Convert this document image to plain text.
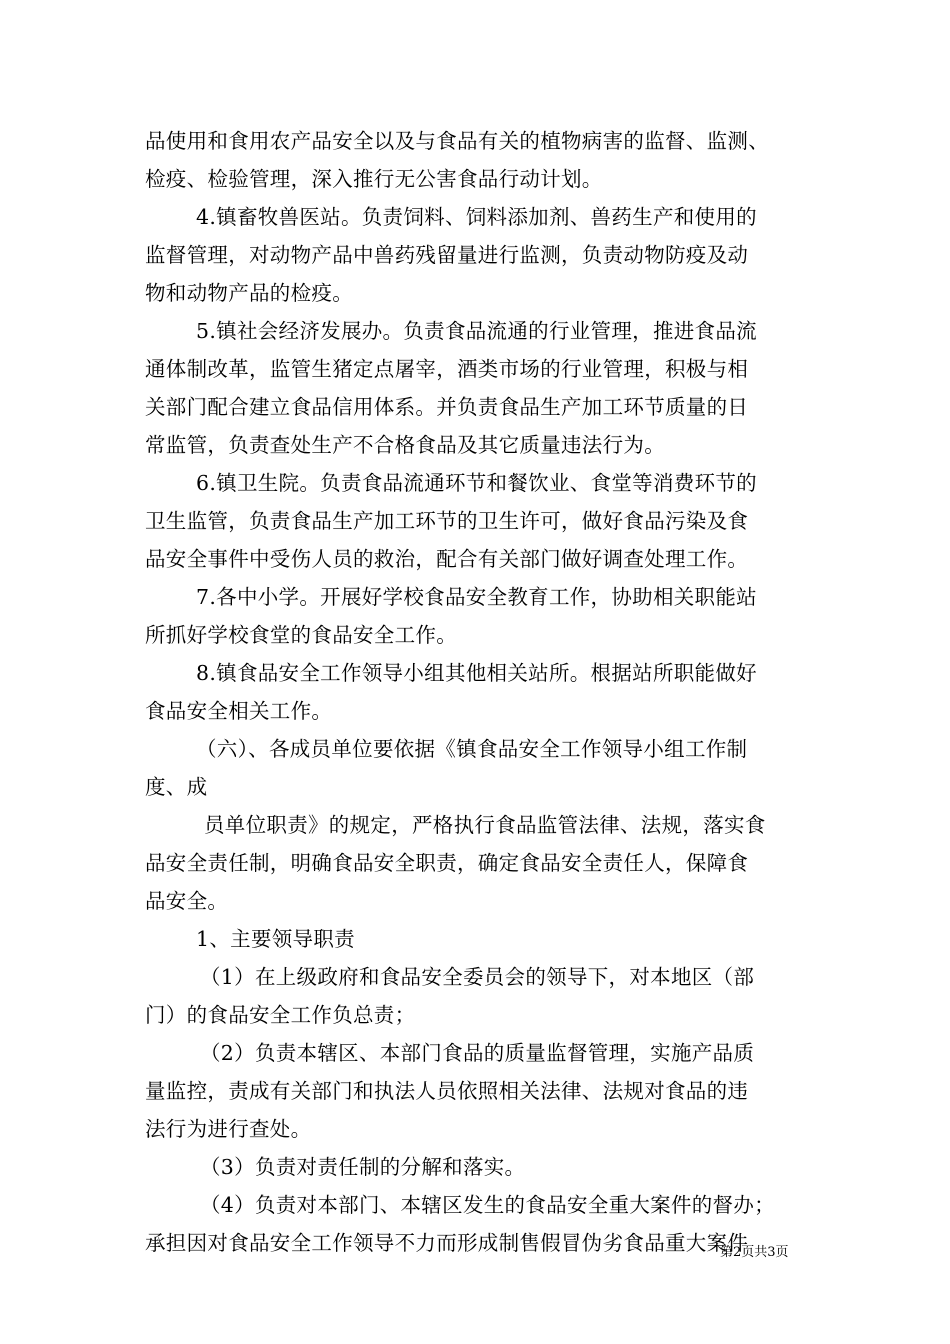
品使用和食用农产品安全以及与食品有关的植物病害的监督、监测、
检疫、检验管理，深入推行无公害食品行动计划。
4.镇畜牧兽医站。负责饲料、饲料添加剂、兽药生产和使用的
监督管理，对动物产品中兽药残留量进行监测，负责动物防疫及动
物和动物产品的检疫。
5.镇社会经济发展办。负责食品流通的行业管理，推进食品流
通体制改革，监管生猪定点屠宰，酒类市场的行业管理，积极与相
关部门配合建立食品信用体系。并负责食品生产加工环节质量的日
常监管，负责查处生产不合格食品及其它质量违法行为。
6.镇卫生院。负责食品流通环节和餐饮业、食堂等消费环节的
卫生监管，负责食品生产加工环节的卫生许可，做好食品污染及食
品安全事件中受伤人员的救治，配合有关部门做好调查处理工作。
7.各中小学。开展好学校食品安全教育工作，协助相关职能站
所抓好学校食堂的食品安全工作。
8.镇食品安全工作领导小组其他相关站所。根据站所职能做好
食品安全相关工作。
（六）、各成员单位要依据《镇食品安全工作领导小组工作制
度、成
员单位职责》的规定，严格执行食品监管法律、法规，落实食
品安全责任制，明确食品安全职责，确定食品安全责任人，保障食
品安全。
1、主要领导职责
（1）在上级政府和食品安全委员会的领导下，对本地区（部
门）的食品安全工作负总责；
（2）负责本辖区、本部门食品的质量监督管理，实施产品质
量监控，责成有关部门和执法人员依照相关法律、法规对食品的违
法行为进行查处。
（3）负责对责任制的分解和落实。
（4）负责对本部门、本辖区发生的食品安全重大案件的督办；
承担因对食品安全工作领导不力而形成制售假冒伪劣食品重大案件
第2页共3页
